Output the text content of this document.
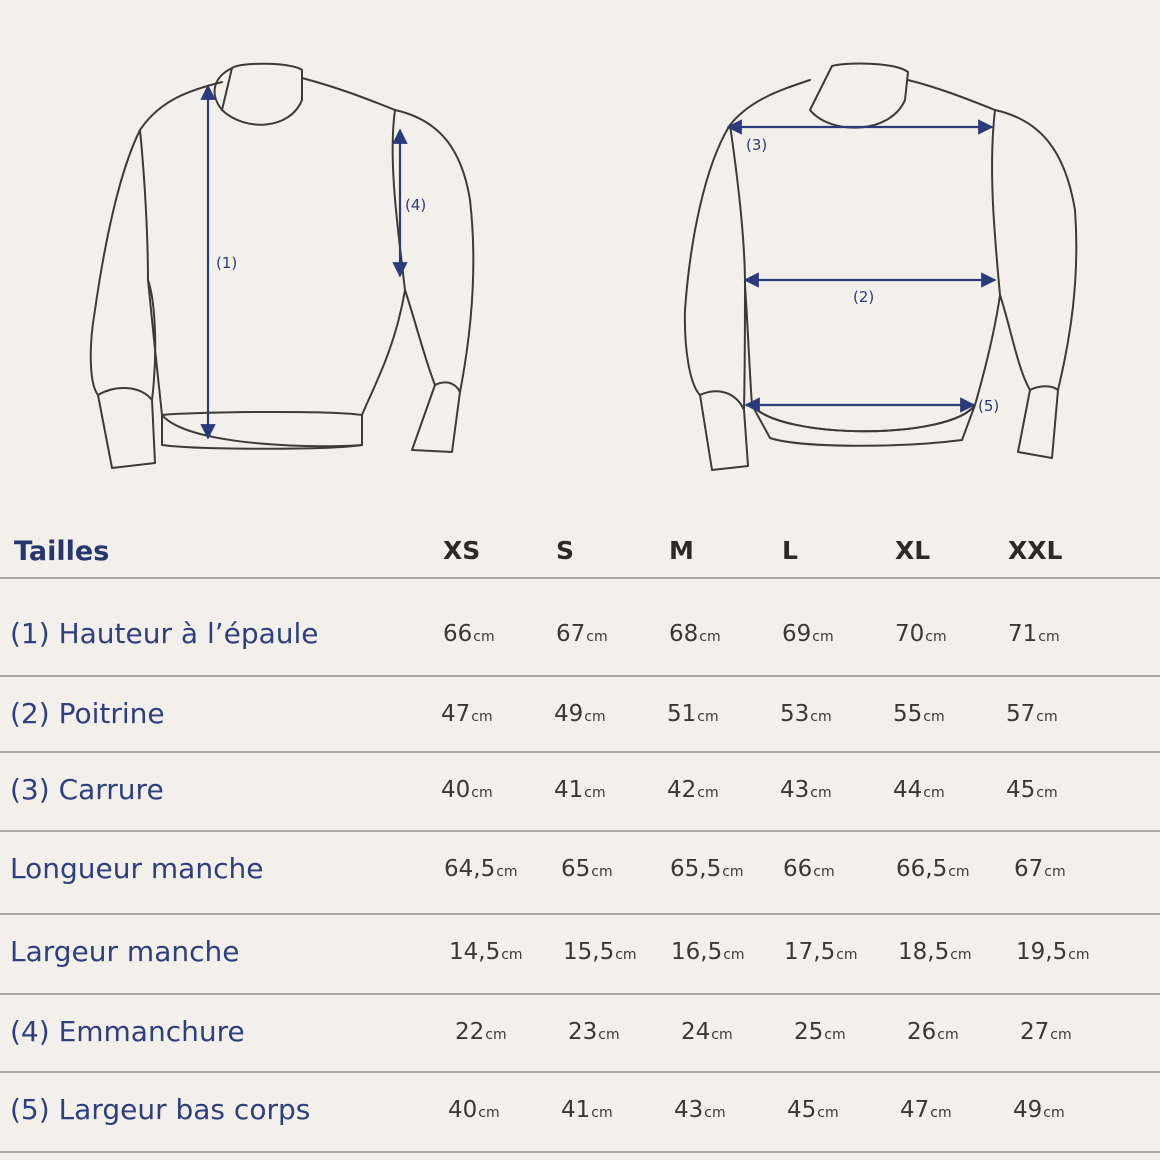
(1)
(4)
(3)
(2)
(5)
Tailles	XS	S	M	L	XL	XXL
(1) Hauteur à l’épaule	66cm	67cm	68cm	69cm	70cm	71cm
(2) Poitrine	47cm	49cm	51cm	53cm	55cm	57cm
(3) Carrure	40cm	41cm	42cm	43cm	44cm	45cm
Longueur manche	64,5cm 65cm 65,5cm 66cm	66,5cm 67cm
Largeur manche	14,5cm 15,5cm 16,5cm 17,5cm 18,5cm 19,5cm
(4) Emmanchure	22cm	23cm	24cm	25cm	26cm	27cm
(5) Largeur bas corps	40cm	41cm	43cm	45cm	47cm	49cm
